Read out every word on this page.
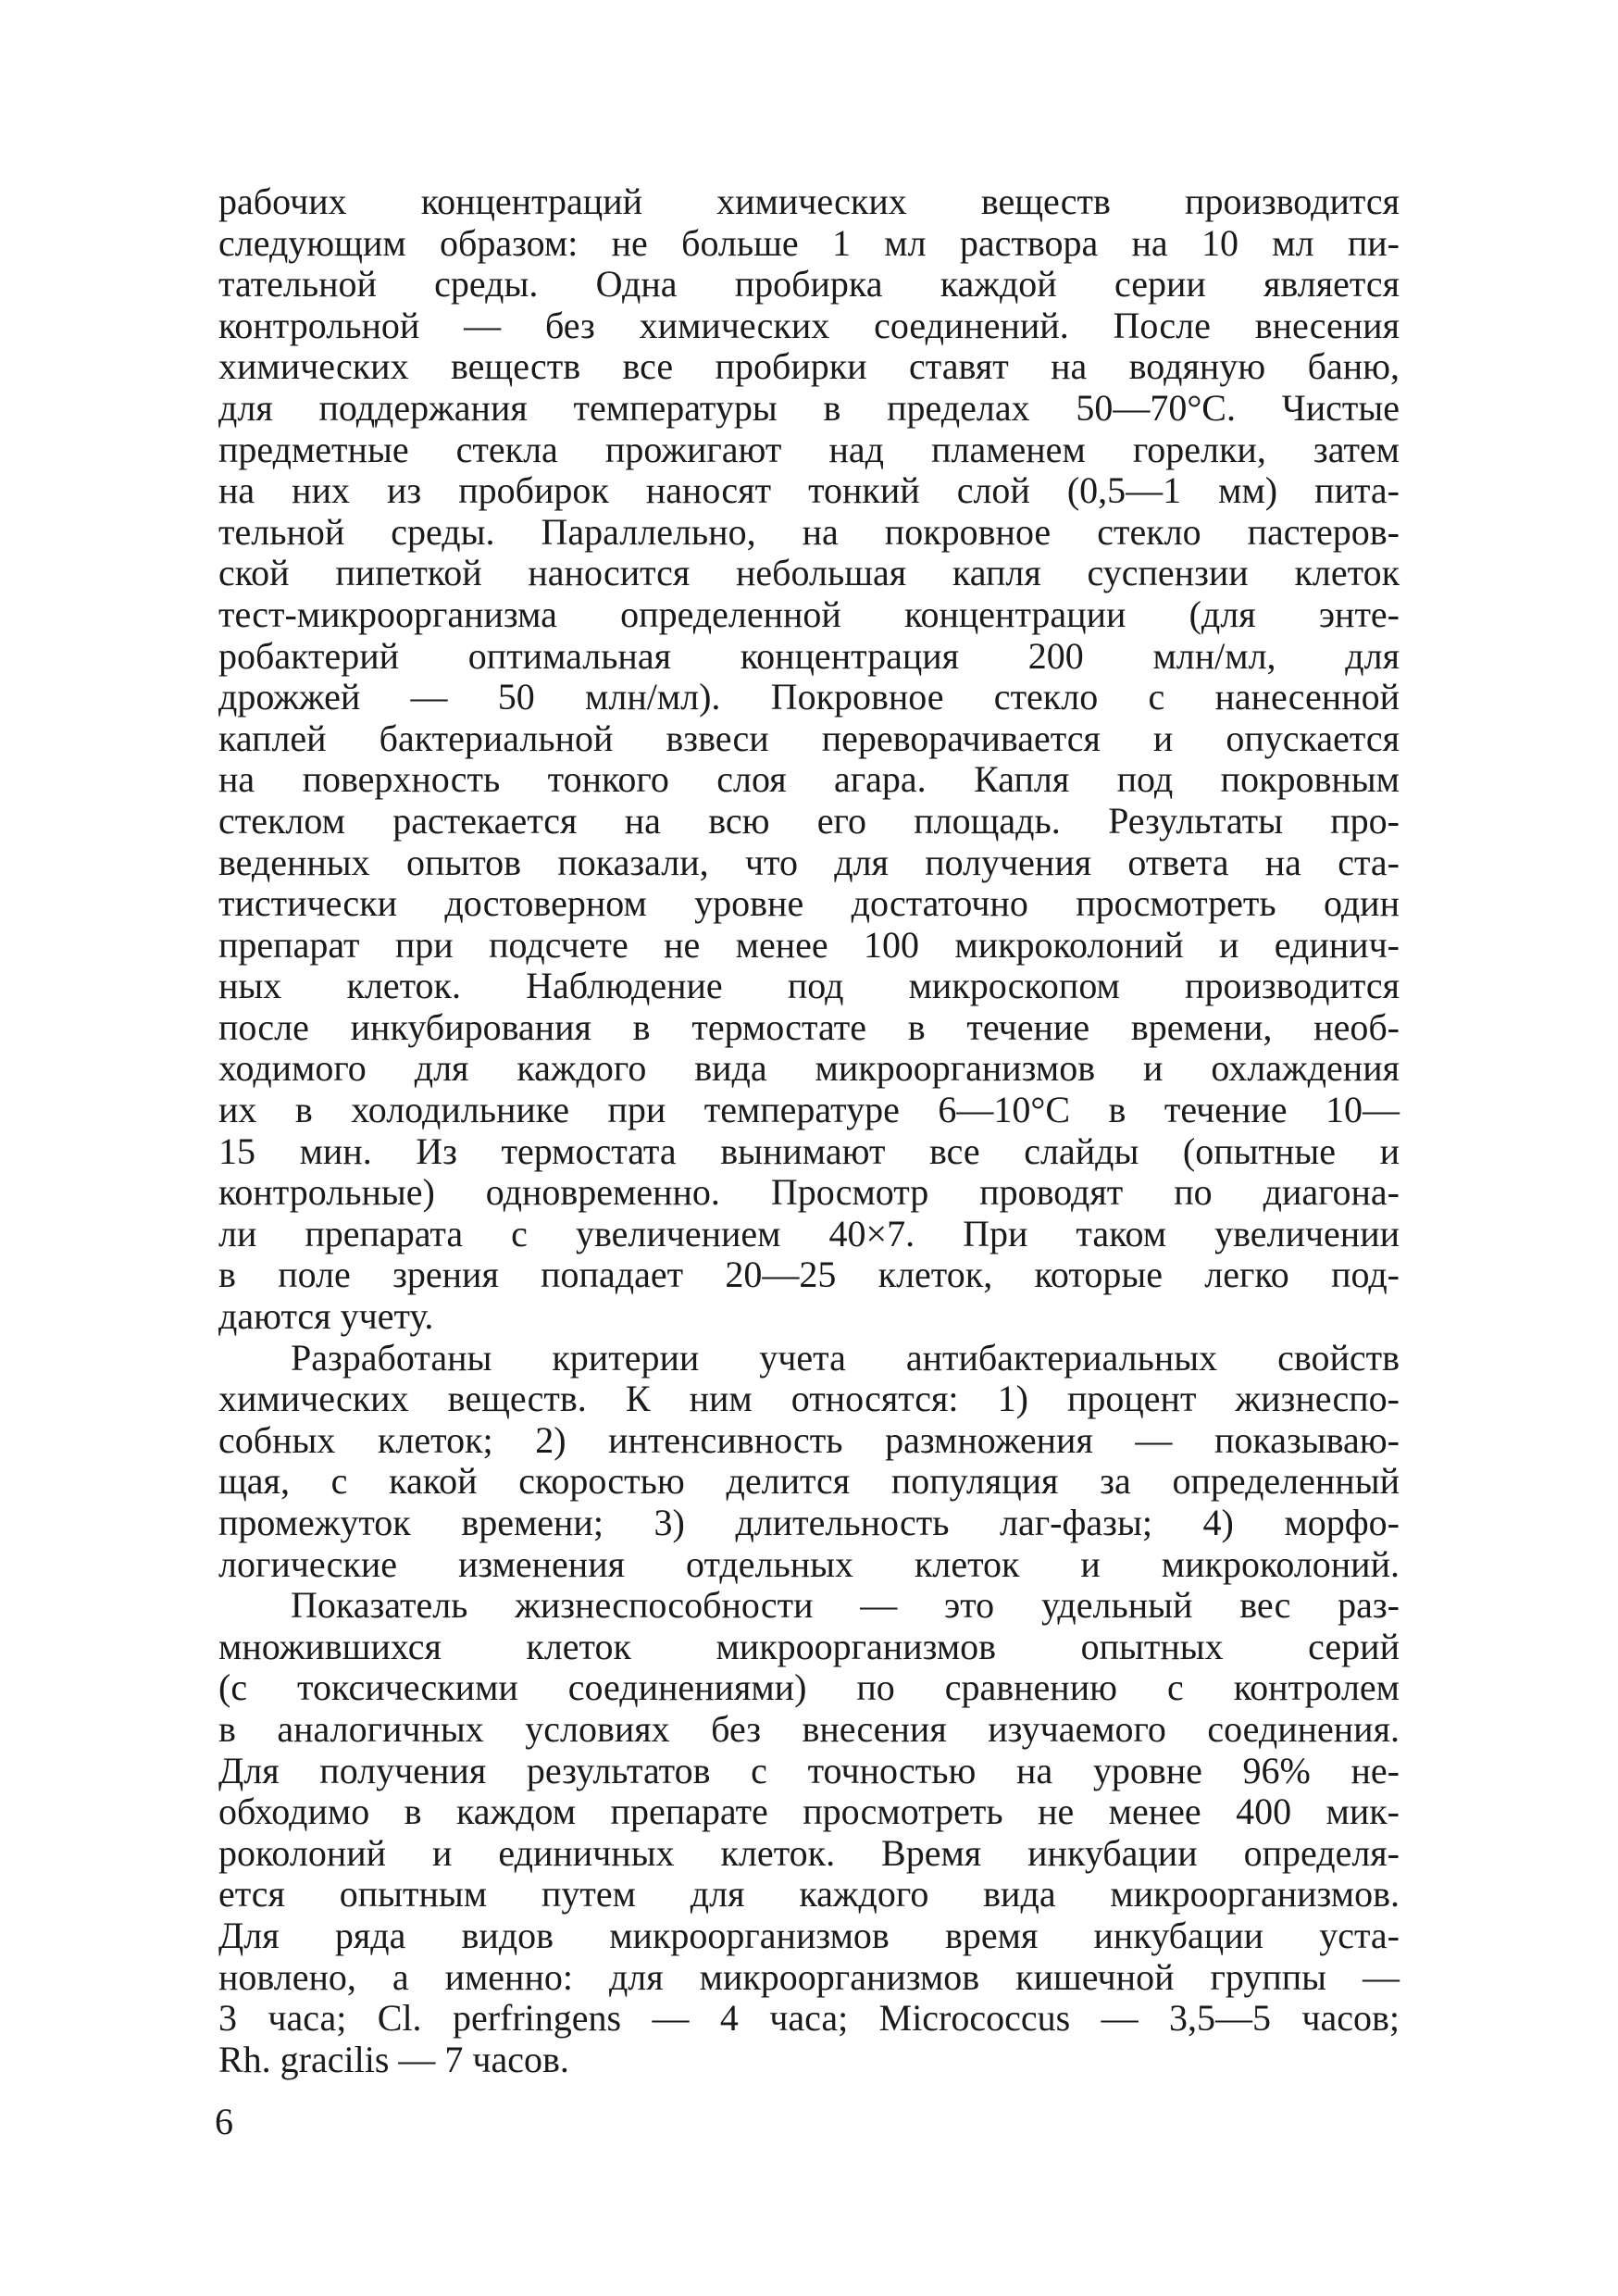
рабочих концентраций химических веществ производится
следующим образом: не больше 1 мл раствора на 10 мл пи-
тательной среды. Одна пробирка каждой серии является
контрольной — без химических соединений. После внесения
химических веществ все пробирки ставят на водяную баню,
для поддержания температуры в пределах 50—70°С. Чистые
предметные стекла прожигают над пламенем горелки, затем
на них из пробирок наносят тонкий слой (0,5—1 мм) пита-
тельной среды. Параллельно, на покровное стекло пастеров-
ской пипеткой наносится небольшая капля суспензии клеток
тест-микроорганизма определенной концентрации (для энте-
робактерий оптимальная концентрация 200 млн/мл, для
дрожжей — 50 млн/мл). Покровное стекло с нанесенной
каплей бактериальной взвеси переворачивается и опускается
на поверхность тонкого слоя агара. Капля под покровным
стеклом растекается на всю его площадь. Результаты про-
веденных опытов показали, что для получения ответа на ста-
тистически достоверном уровне достаточно просмотреть один
препарат при подсчете не менее 100 микроколоний и единич-
ных клеток. Наблюдение под микроскопом производится
после инкубирования в термостате в течение времени, необ-
ходимого для каждого вида микроорганизмов и охлаждения
их в холодильнике при температуре 6—10°С в течение 10—
15 мин. Из термостата вынимают все слайды (опытные и
контрольные) одновременно. Просмотр проводят по диагона-
ли препарата с увеличением 40×7. При таком увеличении
в поле зрения попадает 20—25 клеток, которые легко под-
даются учету.
Разработаны критерии учета антибактериальных свойств
химических веществ. К ним относятся: 1) процент жизнеспо-
собных клеток; 2) интенсивность размножения — показываю-
щая, с какой скоростью делится популяция за определенный
промежуток времени; 3) длительность лаг-фазы; 4) морфо-
логические изменения отдельных клеток и микроколоний.
Показатель жизнеспособности — это удельный вес раз-
множившихся клеток микроорганизмов опытных серий
(с токсическими соединениями) по сравнению с контролем
в аналогичных условиях без внесения изучаемого соединения.
Для получения результатов с точностью на уровне 96% не-
обходимо в каждом препарате просмотреть не менее 400 мик-
роколоний и единичных клеток. Время инкубации определя-
ется опытным путем для каждого вида микроорганизмов.
Для ряда видов микроорганизмов время инкубации уста-
новлено, а именно: для микроорганизмов кишечной группы —
3 часа; Cl. perfringens — 4 часа; Micrococcus — 3,5—5 часов;
Rh. gracilis — 7 часов.
6
